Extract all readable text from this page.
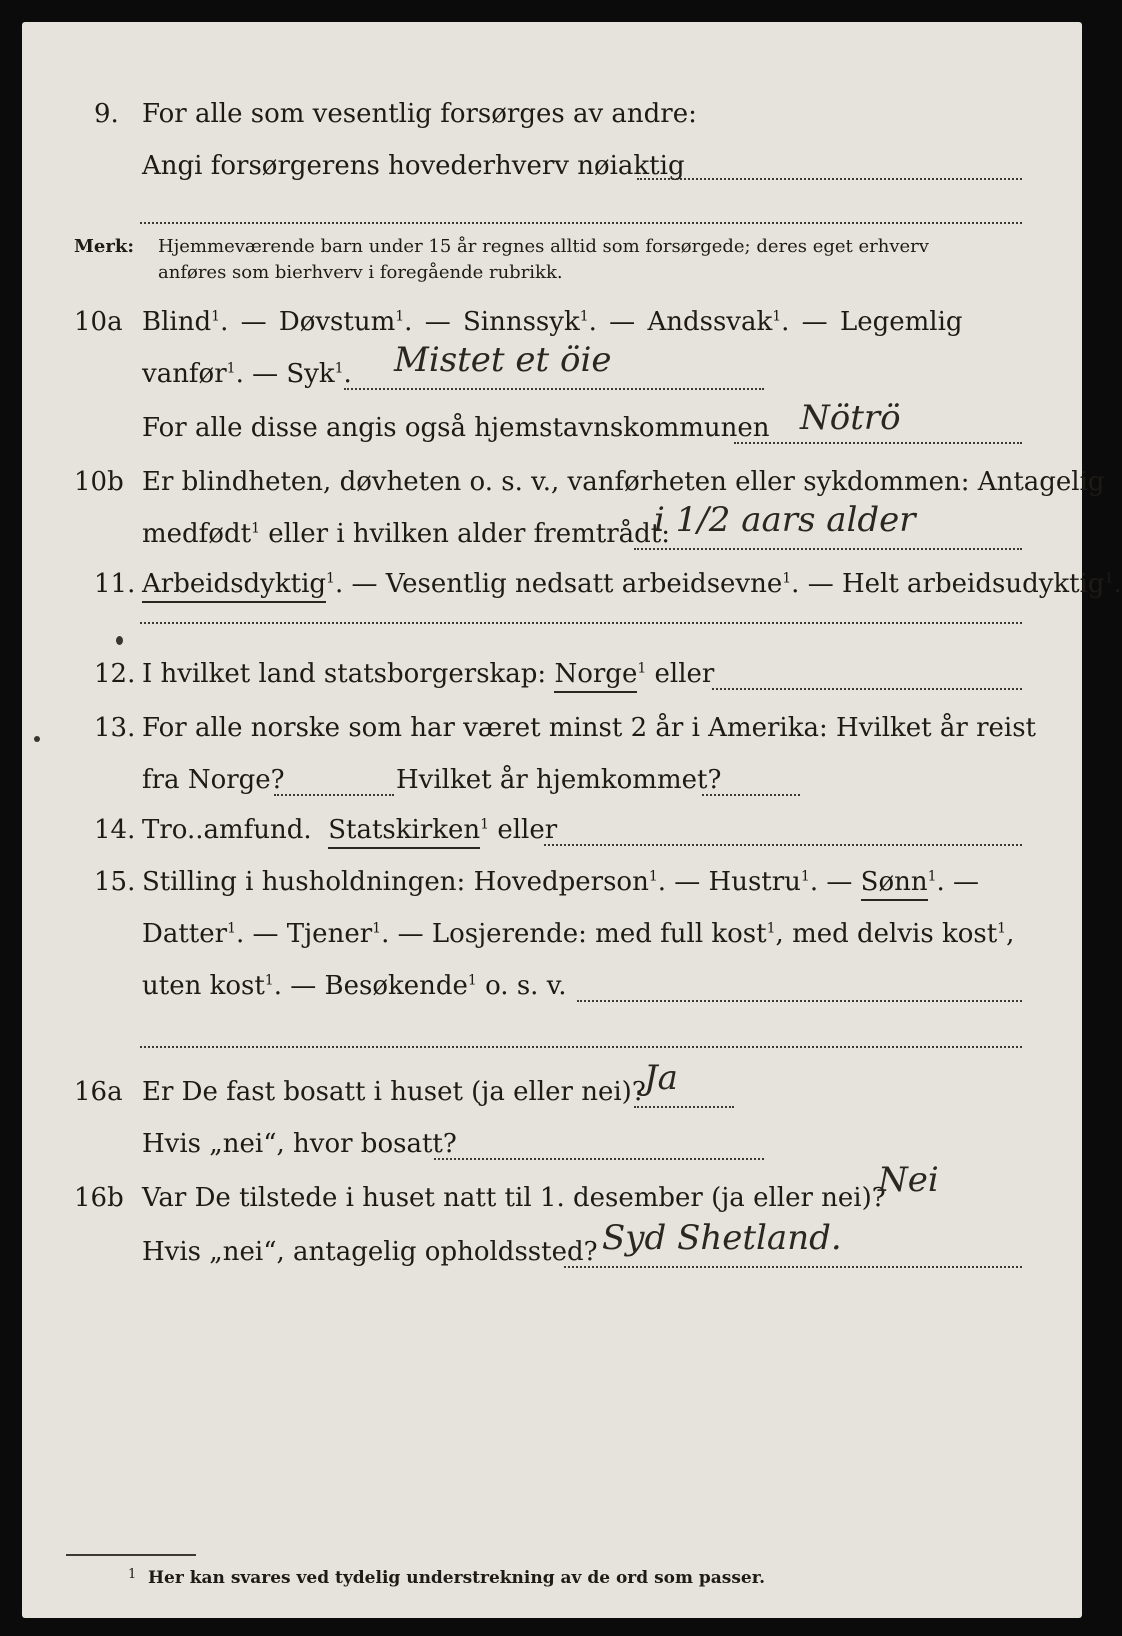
9. For alle som vesentlig forsørges av andre:
Angi forsørgerens hovederhverv nøiaktig
Merk: Hjemmeværende barn under 15 år regnes alltid som forsørgede; deres eget erhverv
anføres som bierhverv i foregående rubrikk.
10a Blind$^1$. — Døvstum$^1$. — Sinnssyk$^1$. — Andssvak$^1$. — Legemlig
vanfør$^1$. — Syk$^1$. Mistet et öie
For alle disse angis også hjemstavnskommunen Nötrö
10b Er blindheten, døvheten o. s. v., vanførheten eller sykdommen: Antagelig
medfødt$^1$ eller i hvilken alder fremtrådt:
i 1/2 aars alder
11. Arbeidsdyktig$^1$. — Vesentlig nedsatt arbeidsevne$^1$. — Helt arbeidsudyktig$^1$.
12. I hvilket land statsborgerskap: Norge$^1$ eller
13. For alle norske som har været minst 2 år i Amerika: Hvilket år reist
fra Norge?	Hvilket år hjemkommet?
14. Tro..amfund. Statskirken$^1$ eller
15. Stilling i husholdningen: Hovedperson$^1$. — Hustru$^1$. — Sønn$^1$. —
Datter$^1$. — Tjener$^1$. — Losjerende: med full kost$^1$, med delvis kost$^1$,
uten kost$^1$. — Besøkende$^1$ o. s. v.
16a Er De fast bosatt i huset (ja eller nei)?
Ja
Hvis „nei“, hvor bosatt?
16b Var De tilstede i huset natt til 1. desember (ja eller nei)?
Nei
Hvis „nei“, antagelig opholdssted? Syd Shetland.
1 Her kan svares ved tydelig understrekning av de ord som passer.
